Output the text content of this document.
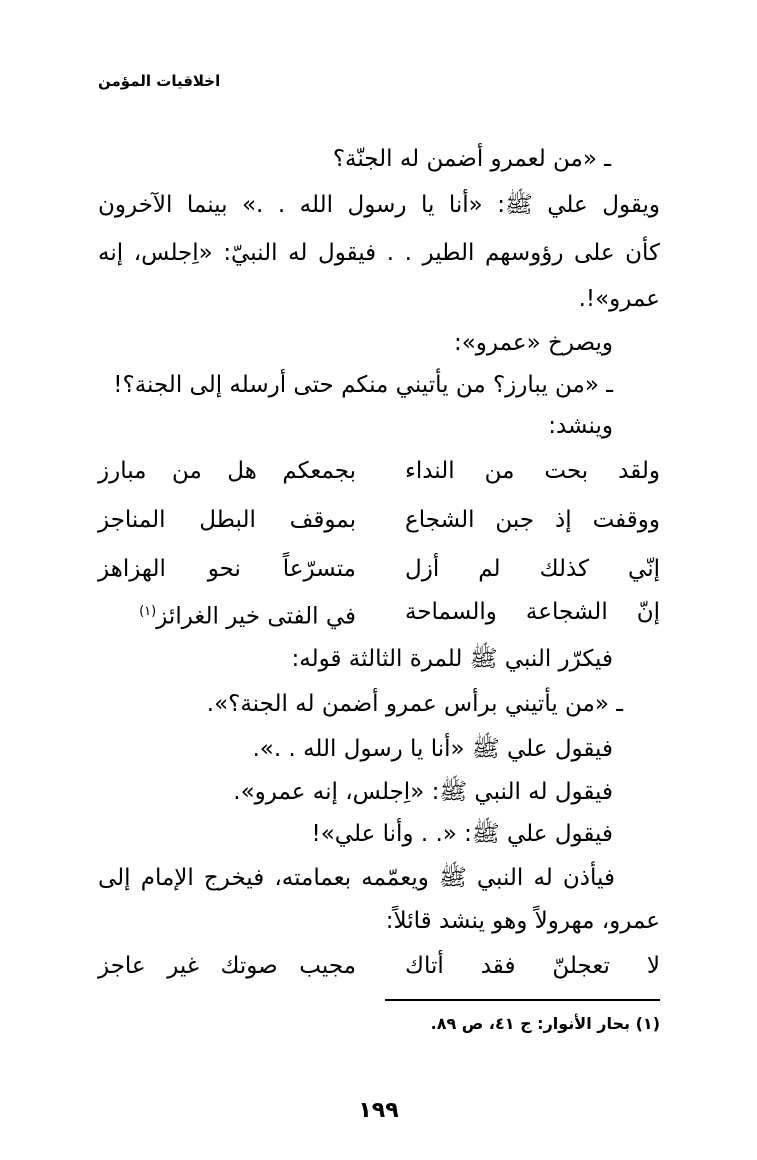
اخلاقيات المؤمن
ـ «من لعمرو أضمن له الجنّة؟
ويقول علي ﷺ: «أنا يا رسول الله . .» بينما الآخرون
كأن على رؤوسهم الطير . . فيقول له النبيّ: «اِجلس، إنه
عمرو»!.
ويصرخ «عمرو»:
ـ «من يبارز؟ من يأتيني منكم حتى أرسله إلى الجنة؟!
وينشد:
ولقد بحت من النداء
بجمعكم هل من مبارز
ووقفت إذ جبن الشجاع
بموقف البطل المناجز
إنّي كذلك لم أزل
متسرّعاً نحو الهزاهز
إنّ الشجاعة والسماحة
في الفتى خير الغرائز$^{(١)}$
فيكرّر النبي ﷺ للمرة الثالثة قوله:
ـ «من يأتيني برأس عمرو أضمن له الجنة؟».
فيقول علي ﷺ «أنا يا رسول الله . .».
فيقول له النبي ﷺ: «اِجلس، إنه عمرو».
فيقول علي ﷺ: «. . وأنا علي»!
فيأذن له النبي ﷺ ويعمّمه بعمامته، فيخرج الإمام إلى
عمرو، مهرولاً وهو ينشد قائلاً:
لا تعجلنّ فقد أتاك
مجيب صوتك غير عاجز
(١) بحار الأنوار: ج ٤١، ص ٨٩.
١٩٩
